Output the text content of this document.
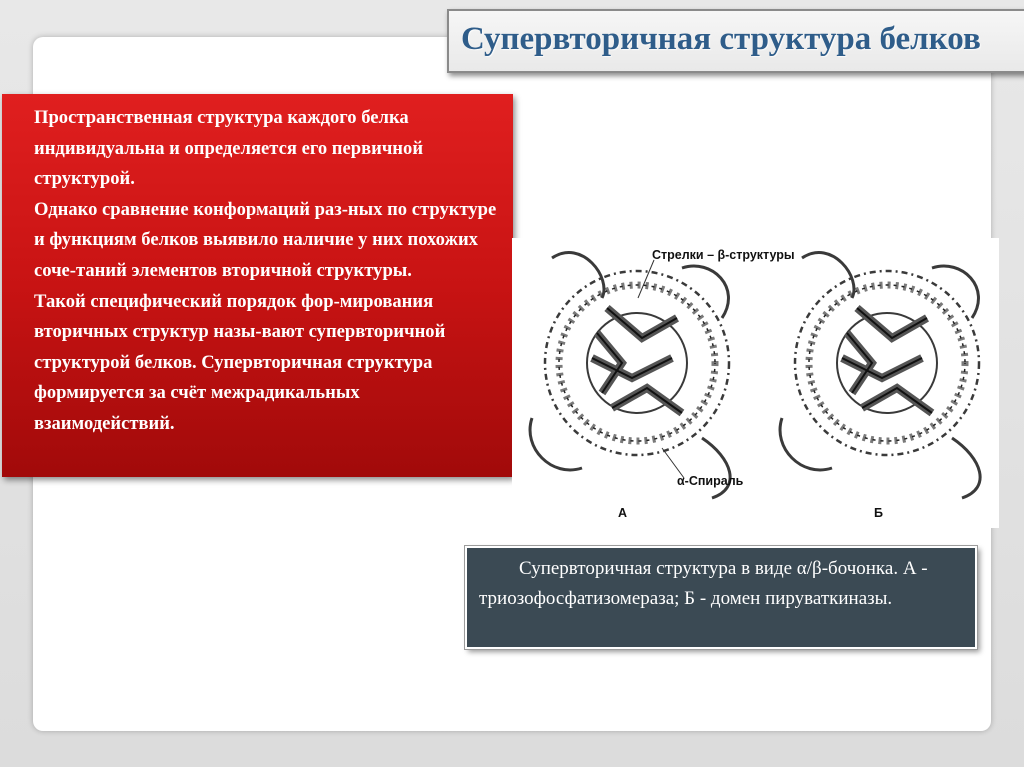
Супервторичная структура белков

Пространственная структура каждого белка индивидуальна и определяется его первичной структурой.

Однако сравнение конформаций раз-ных по структуре и функциям белков выявило наличие у них похожих соче-таний элементов вторичной структуры.

Такой специфический порядок фор-мирования вторичных структур назы-вают супервторичной структурой белков. Супервторичная структура формируется за счёт межрадикальных взаимодействий.

Стрелки – β-структуры
α-Спираль
А	Б

Супервторичная структура в виде α/β-бочонка. А - триозофосфатизомераза; Б - домен пируваткиназы.
